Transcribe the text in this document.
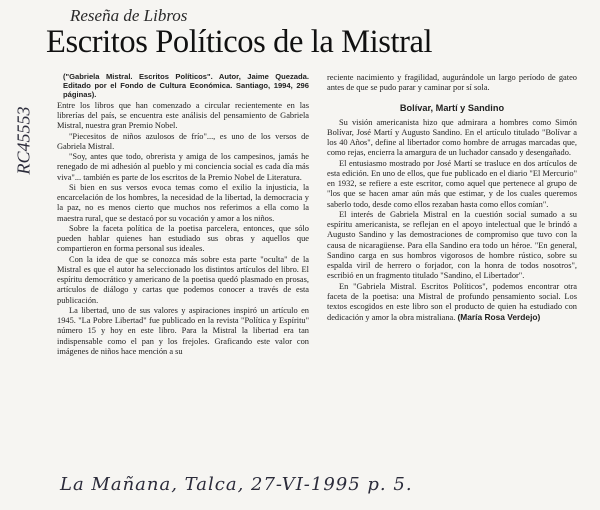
Reseña de Libros
Escritos Políticos de la Mistral
RC45553
("Gabriela Mistral. Escritos Políticos". Autor, Jaime Quezada. Editado por el Fondo de Cultura Económica. Santiago, 1994, 296 páginas).

Entre los libros que han comenzado a circular recientemente en las librerías del país, se encuentra este análisis del pensamiento de Gabriela Mistral, nuestra gran Premio Nobel.

"Piecesitos de niños azulosos de frío"..., es uno de los versos de Gabriela Mistral.

"Soy, antes que todo, obrerista y amiga de los campesinos, jamás he renegado de mi adhesión al pueblo y mi conciencia social es cada día más viva"... también es parte de los escritos de la Premio Nobel de Literatura.

Si bien en sus versos evoca temas como el exilio la injusticia, la encarcelación de los hombres, la necesidad de la libertad, la democracia y la paz, no es menos cierto que muchos nos referimos a ella como la maestra rural, que se destacó por su vocación y amor a los niños.

Sobre la faceta política de la poetisa parcelera, entonces, que sólo pueden hablar quienes han estudiado sus obras y aquellos que compartieron en forma personal sus ideales.

Con la idea de que se conozca más sobre esta parte "oculta" de la Mistral es que el autor ha seleccionado los distintos artículos del libro. El espíritu democrático y americano de la poetisa quedó plasmado en prosas, artículos de diálogo y cartas que podemos conocer a través de esta publicación.

La libertad, uno de sus valores y aspiraciones inspiró un artículo en 1945. "La Pobre Libertad" fue publicado en la revista "Política y Espíritu" número 15 y hoy en este libro. Para la Mistral la libertad era tan indispensable como el pan y los frejoles. Graficando este valor con imágenes de niños hace mención a su

reciente nacimiento y fragilidad, augurándole un largo período de gateo antes de que se pudo parar y caminar por sí sola.

Bolívar, Martí y Sandino

Su visión americanista hizo que admirara a hombres como Simón Bolívar, José Martí y Augusto Sandino. En el artículo titulado "Bolívar a los 40 Años", define al libertador como hombre de arrugas marcadas que, como rejas, encierra la amargura de un luchador cansado y desengañado.

El entusiasmo mostrado por José Martí se trasluce en dos artículos de esta edición. En uno de ellos, que fue publicado en el diario "El Mercurio" en 1932, se refiere a este escritor, como aquel que pertenece al grupo de "los que se hacen amar aún más que estimar, y de los cuales queremos saberlo todo, desde como ellos rezaban hasta como ellos comían".

El interés de Gabriela Mistral en la cuestión social sumado a su espíritu americanista, se reflejan en el apoyo intelectual que le brindó a Augusto Sandino y las demostraciones de compromiso que tuvo con la causa de nicaragüense. Para ella Sandino era todo un héroe. "En general, Sandino carga en sus hombros vigorosos de hombre rústico, sobre su espalda viril de herrero o forjador, con la honra de todos nosotros", escribió en un fragmento titulado "Sandino, el Libertador".

En "Gabriela Mistral. Escritos Políticos", podemos encontrar otra faceta de la poetisa: una Mistral de profundo pensamiento social. Los textos escogidos en este libro son el producto de quien ha estudiado con dedicación y amor la obra mistraliana. (María Rosa Verdejo)

La Mañana, Talca, 27-VI-1995 p. 5.
